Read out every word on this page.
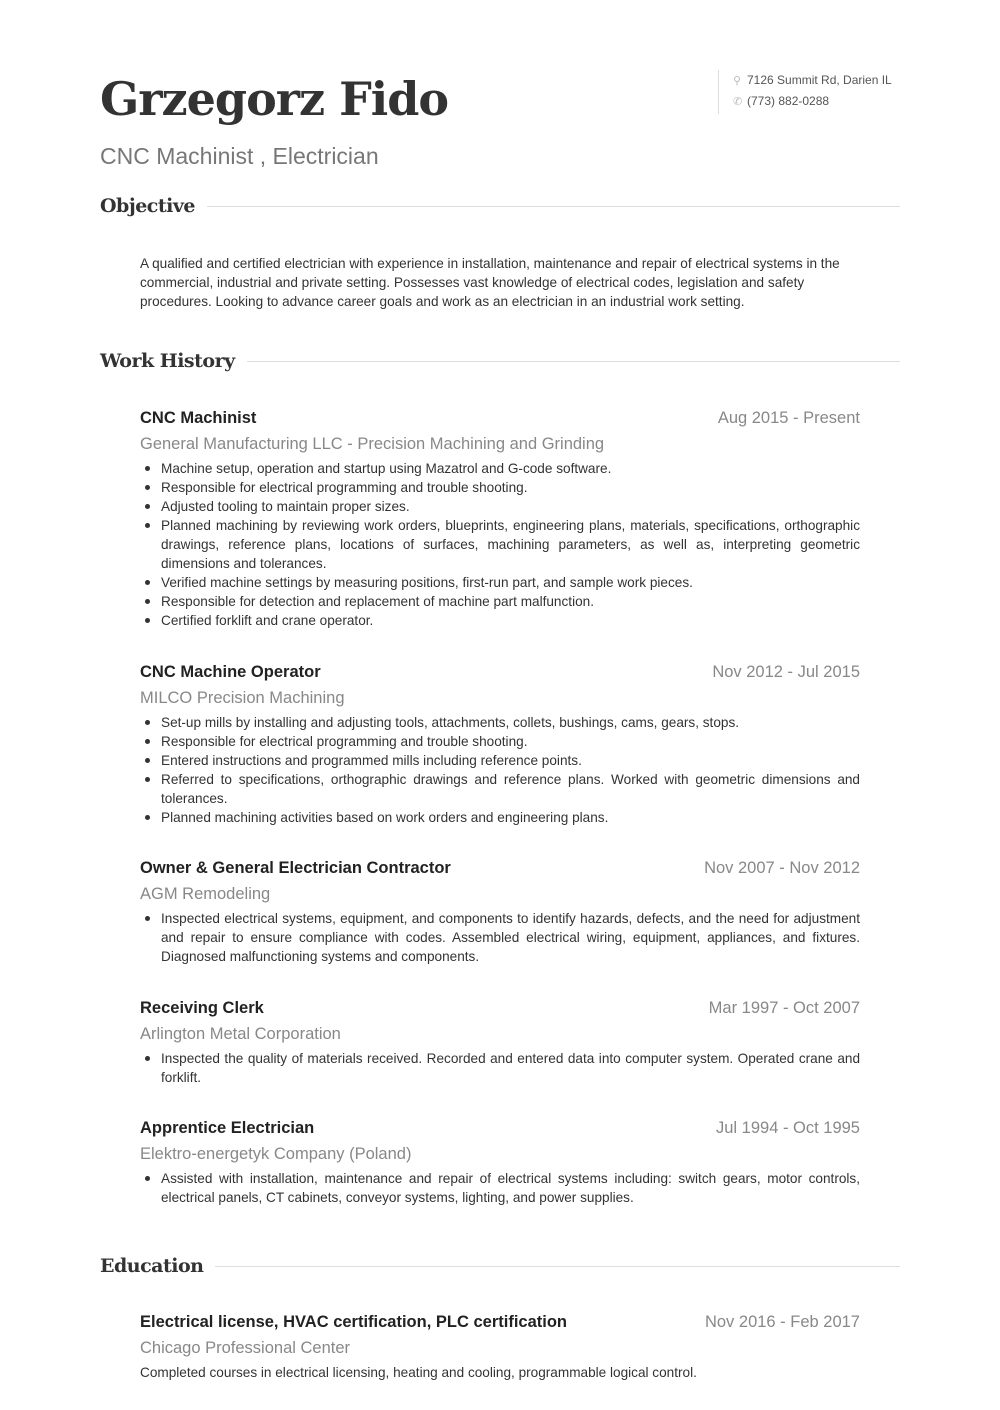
Grzegorz Fido
CNC Machinist , Electrician
⚲ 7126 Summit Rd, Darien IL
✆ (773) 882-0288
Objective

A qualified and certified electrician with experience in installation, maintenance and repair of electrical systems in the commercial, industrial and private setting. Possesses vast knowledge of electrical codes, legislation and safety procedures. Looking to advance career goals and work as an electrician in an industrial work setting.

Work History
CNC Machinist	Aug 2015 - Present
General Manufacturing LLC - Precision Machining and Grinding
Machine setup, operation and startup using Mazatrol and G-code software.
Responsible for electrical programming and trouble shooting.
Adjusted tooling to maintain proper sizes.
Planned machining by reviewing work orders, blueprints, engineering plans, materials, specifications, orthographic drawings, reference plans, locations of surfaces, machining parameters, as well as, interpreting geometric dimensions and tolerances.
Verified machine settings by measuring positions, first-run part, and sample work pieces.
Responsible for detection and replacement of machine part malfunction.
Certified forklift and crane operator.
CNC Machine Operator	Nov 2012 - Jul 2015
MILCO Precision Machining
Set-up mills by installing and adjusting tools, attachments, collets, bushings, cams, gears, stops.
Responsible for electrical programming and trouble shooting.
Entered instructions and programmed mills including reference points.
Referred to specifications, orthographic drawings and reference plans. Worked with geometric dimensions and tolerances.
Planned machining activities based on work orders and engineering plans.
Owner & General Electrician Contractor	Nov 2007 - Nov 2012
AGM Remodeling
Inspected electrical systems, equipment, and components to identify hazards, defects, and the need for adjustment and repair to ensure compliance with codes. Assembled electrical wiring, equipment, appliances, and fixtures. Diagnosed malfunctioning systems and components.
Receiving Clerk	Mar 1997 - Oct 2007
Arlington Metal Corporation
Inspected the quality of materials received. Recorded and entered data into computer system. Operated crane and forklift.
Apprentice Electrician	Jul 1994 - Oct 1995
Elektro-energetyk Company (Poland)
Assisted with installation, maintenance and repair of electrical systems including: switch gears, motor controls, electrical panels, CT cabinets, conveyor systems, lighting, and power supplies.
Education
Electrical license, HVAC certification, PLC certification	Nov 2016 - Feb 2017
Chicago Professional Center
Completed courses in electrical licensing, heating and cooling, programmable logical control.
